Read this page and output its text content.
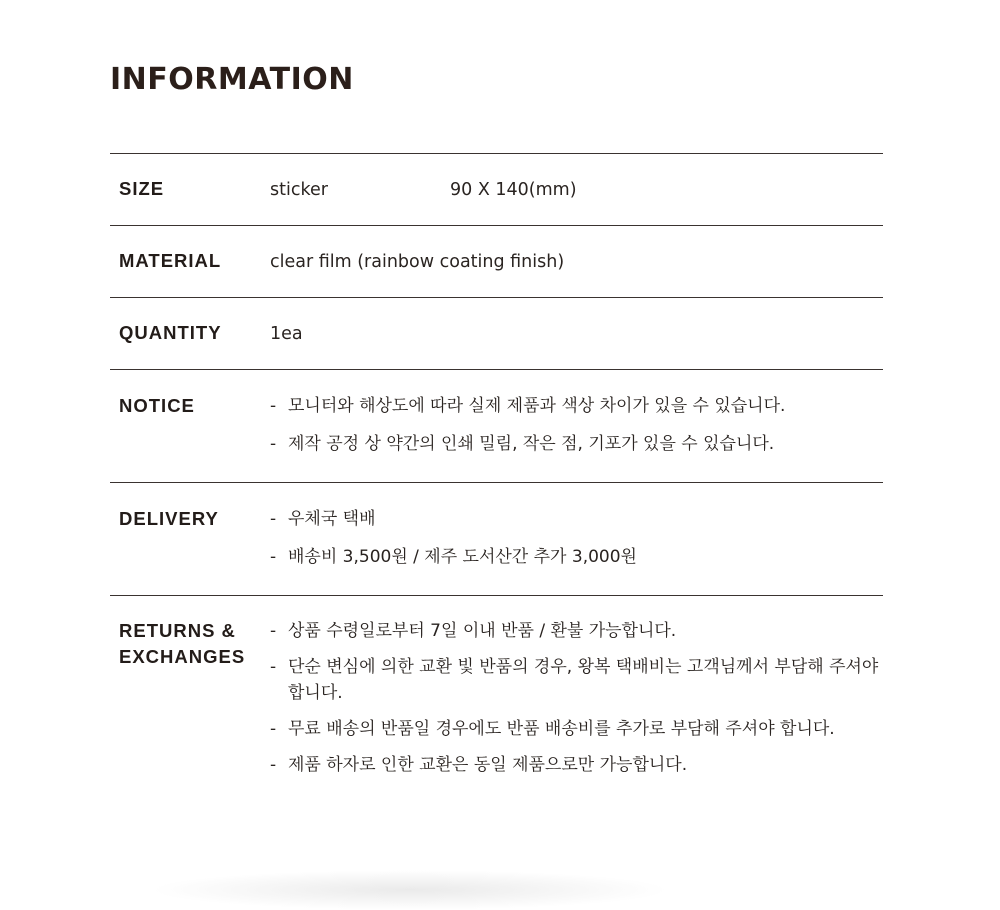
INFORMATION
SIZE	sticker	90 X 140(mm)
MATERIAL	clear film (rainbow coating finish)
QUANTITY	1ea
NOTICE	- 모니터와 해상도에 따라 실제 제품과 색상 차이가 있을 수 있습니다.
- 제작 공정 상 약간의 인쇄 밀림, 작은 점, 기포가 있을 수 있습니다.
DELIVERY	- 우체국 택배
- 배송비 3,500원 / 제주 도서산간 추가 3,000원
RETURNS &
EXCHANGES
- 상품 수령일로부터 7일 이내 반품 / 환불 가능합니다.
- 단순 변심에 의한 교환 빛 반품의 경우, 왕복 택배비는 고객님께서 부담해 주셔야 합니다.
- 무료 배송의 반품일 경우에도 반품 배송비를 추가로 부담해 주셔야 합니다.
- 제품 하자로 인한 교환은 동일 제품으로만 가능합니다.
